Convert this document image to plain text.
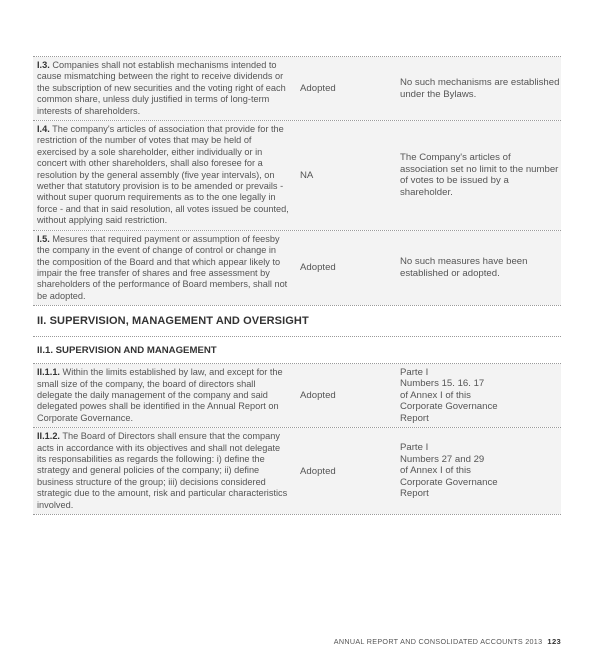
I.3. Companies shall not establish mechanisms intended to cause mismatching between the right to receive dividends or the subscription of new securities and the voting right of each common share, unless duly justified in terms of long-term interests of shareholders.
Adopted
No such mechanisms are established under the Bylaws.
I.4. The company's articles of association that provide for the restriction of the number of votes that may be held of exercised by a sole shareholder, either individually or in concert with other shareholders, shall also foresee for a resolution by the general assembly (five year intervals), on wether that statutory provision is to be amended or prevails - without super quorum requirements as to the one legally in force - and that in said resolution, all votes issued be counted, without applying said restriction.
NA
The Company's articles of association set no limit to the number of votes to be issued by a shareholder.
I.5. Mesures that required payment or assumption of feesby the company in the event of change of control or change in the composition of the Board and that which appear likely to impair the free transfer of shares and free assessment by shareholders of the performance of Board members, shall not be adopted.
Adopted
No such measures have been established or adopted.
II. SUPERVISION, MANAGEMENT AND OVERSIGHT
II.1. SUPERVISION AND MANAGEMENT
II.1.1. Within the limits established by law, and except for the small size of the company, the board of directors shall delegate the daily management of the company and said delegated powes shall be identified in the Annual Report on Corporate Governance.
Adopted
Parte I
Numbers 15. 16. 17
of Annex I of this
Corporate Governance
Report
II.1.2. The Board of Directors shall ensure that the company acts in accordance with its objectives and shall not delegate its responsabilities as regards the following: i) define the strategy and general policies of the company; ii) define business structure of the group; iii) decisions considered strategic due to the amount, risk and particular characteristics involved.
Adopted
Parte I
Numbers 27 and 29
of Annex I of this
Corporate Governance
Report
ANNUAL REPORT AND CONSOLIDATED ACCOUNTS 2013 123
